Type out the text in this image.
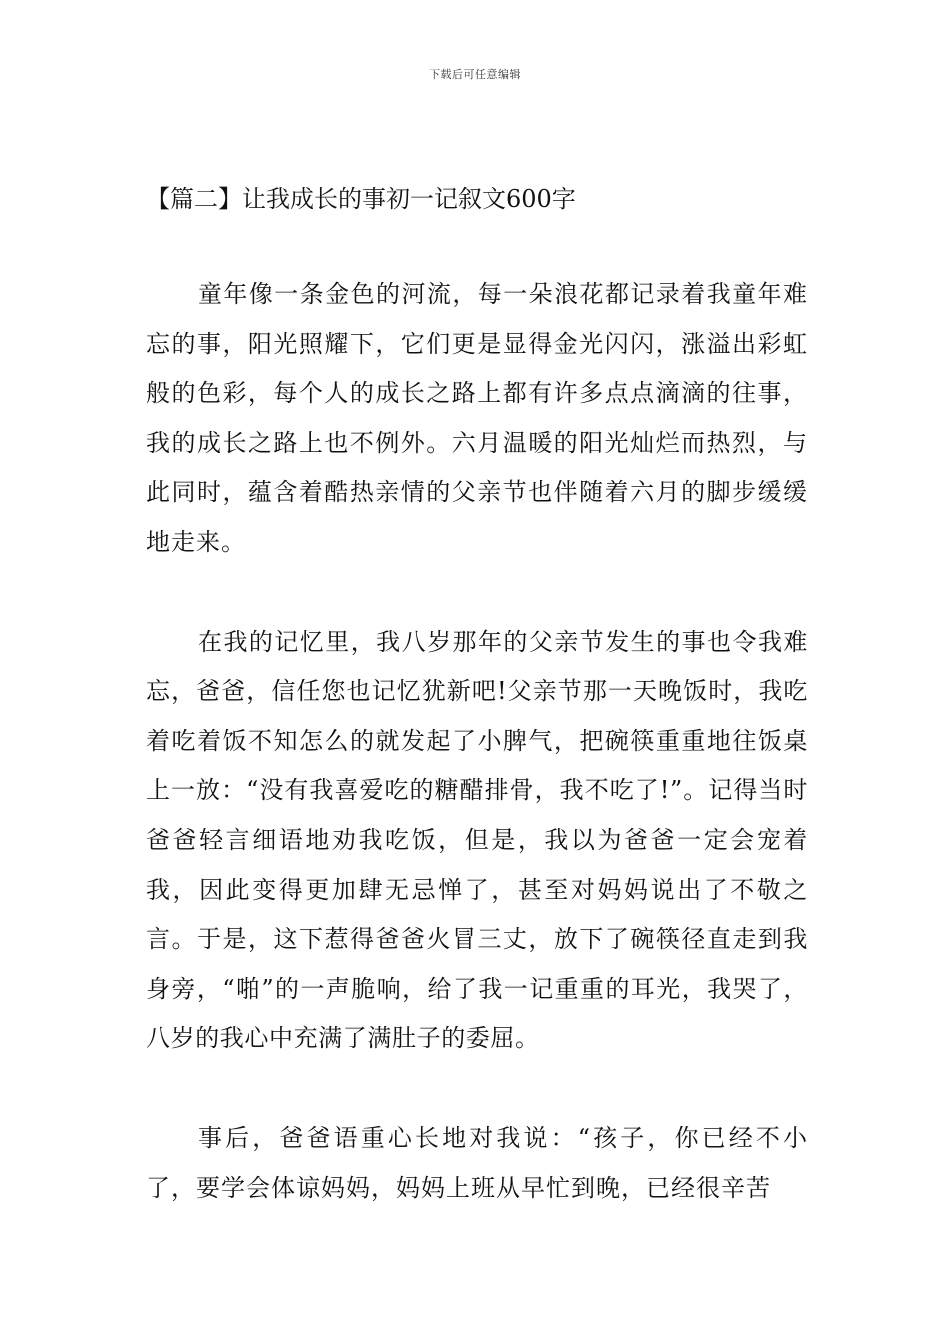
下载后可任意编辑
【篇二】让我成长的事初一记叙文600字

童年像一条金色的河流，每一朵浪花都记录着我童年难忘的事，阳光照耀下，它们更是显得金光闪闪，涨溢出彩虹般的色彩，每个人的成长之路上都有许多点点滴滴的往事，我的成长之路上也不例外。六月温暖的阳光灿烂而热烈，与此同时，蕴含着酷热亲情的父亲节也伴随着六月的脚步缓缓地走来。

在我的记忆里，我八岁那年的父亲节发生的事也令我难忘，爸爸，信任您也记忆犹新吧!父亲节那一天晚饭时，我吃着吃着饭不知怎么的就发起了小脾气，把碗筷重重地往饭桌上一放：“没有我喜爱吃的糖醋排骨，我不吃了!”。记得当时爸爸轻言细语地劝我吃饭，但是，我以为爸爸一定会宠着我，因此变得更加肆无忌惮了，甚至对妈妈说出了不敬之言。于是，这下惹得爸爸火冒三丈，放下了碗筷径直走到我身旁，“啪”的一声脆响，给了我一记重重的耳光，我哭了，八岁的我心中充满了满肚子的委屈。

事后，爸爸语重心长地对我说：“孩子，你已经不小了，要学会体谅妈妈，妈妈上班从早忙到晚，已经很辛苦
